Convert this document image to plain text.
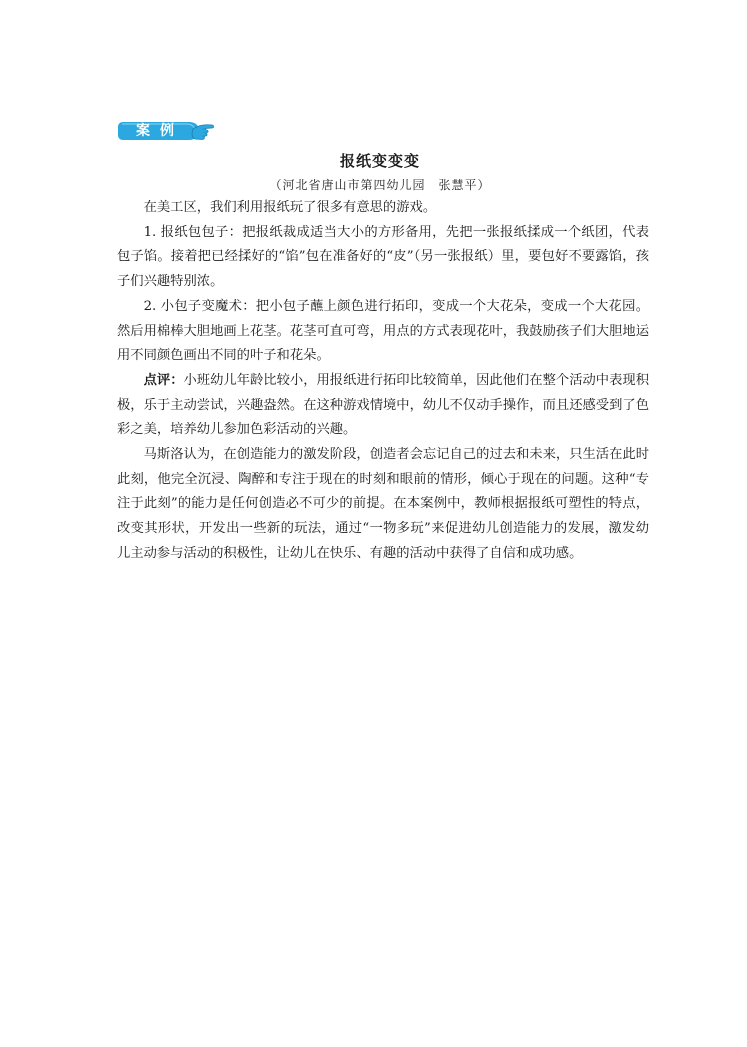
案例
报纸变变变
（河北省唐山市第四幼儿园　张慧平）

在美工区，我们利用报纸玩了很多有意思的游戏。

1. 报纸包包子：把报纸裁成适当大小的方形备用，先把一张报纸揉成一个纸团，代表包子馅。接着把已经揉好的“馅”包在准备好的“皮”（另一张报纸）里，要包好不要露馅，孩子们兴趣特别浓。

2. 小包子变魔术：把小包子蘸上颜色进行拓印，变成一个大花朵，变成一个大花园。然后用棉棒大胆地画上花茎。花茎可直可弯，用点的方式表现花叶，我鼓励孩子们大胆地运用不同颜色画出不同的叶子和花朵。

点评：小班幼儿年龄比较小，用报纸进行拓印比较简单，因此他们在整个活动中表现积极，乐于主动尝试，兴趣盎然。在这种游戏情境中，幼儿不仅动手操作，而且还感受到了色彩之美，培养幼儿参加色彩活动的兴趣。

马斯洛认为，在创造能力的激发阶段，创造者会忘记自己的过去和未来，只生活在此时此刻，他完全沉浸、陶醉和专注于现在的时刻和眼前的情形，倾心于现在的问题。这种“专注于此刻”的能力是任何创造必不可少的前提。在本案例中，教师根据报纸可塑性的特点，改变其形状，开发出一些新的玩法，通过“一物多玩”来促进幼儿创造能力的发展，激发幼儿主动参与活动的积极性，让幼儿在快乐、有趣的活动中获得了自信和成功感。
